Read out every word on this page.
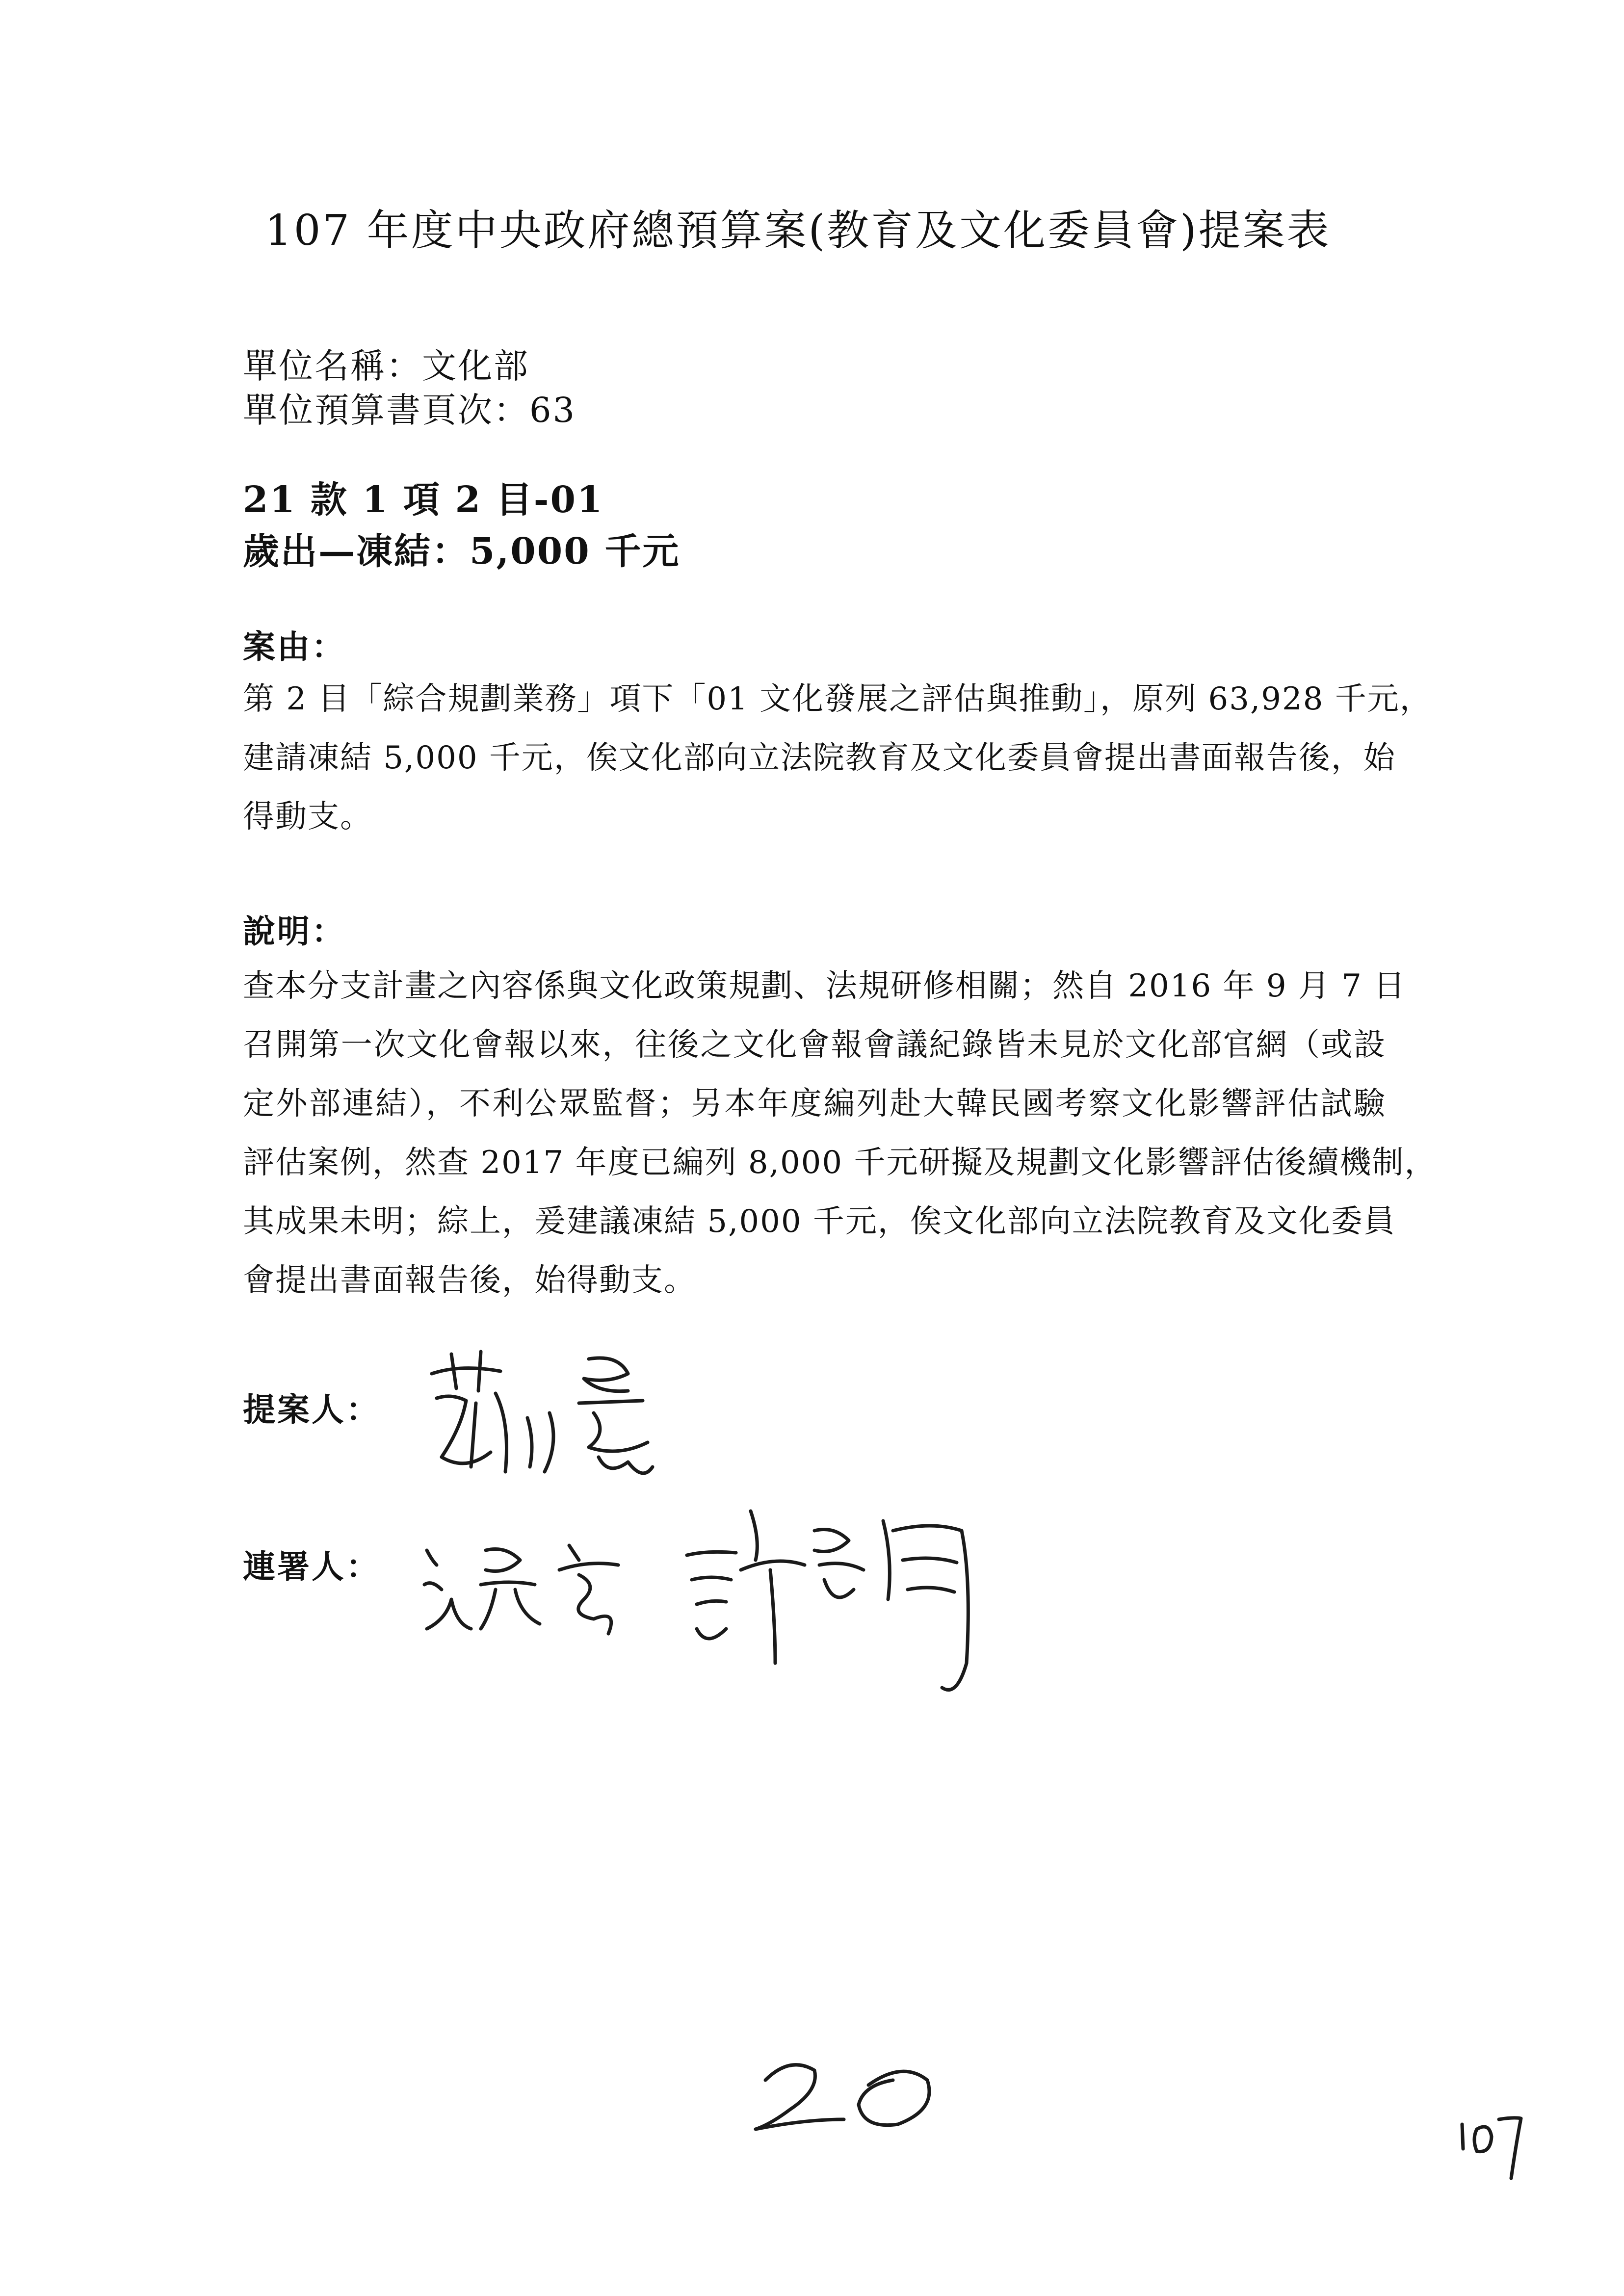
107 年度中央政府總預算案(教育及文化委員會)提案表
單位名稱：文化部
單位預算書頁次：63
21 款 1 項 2 目-01
歲出—凍結：5,000 千元
案由：
第 2 目「綜合規劃業務」項下「01 文化發展之評估與推動」，原列 63,928 千元，
建請凍結 5,000 千元，俟文化部向立法院教育及文化委員會提出書面報告後，始
得動支。
說明：
查本分支計畫之內容係與文化政策規劃、法規研修相關；然自 2016 年 9 月 7 日
召開第一次文化會報以來，往後之文化會報會議紀錄皆未見於文化部官網（或設
定外部連結），不利公眾監督；另本年度編列赴大韓民國考察文化影響評估試驗
評估案例，然查 2017 年度已編列 8,000 千元研擬及規劃文化影響評估後續機制，
其成果未明；綜上，爰建議凍結 5,000 千元，俟文化部向立法院教育及文化委員
會提出書面報告後，始得動支。
提案人：
連署人：
